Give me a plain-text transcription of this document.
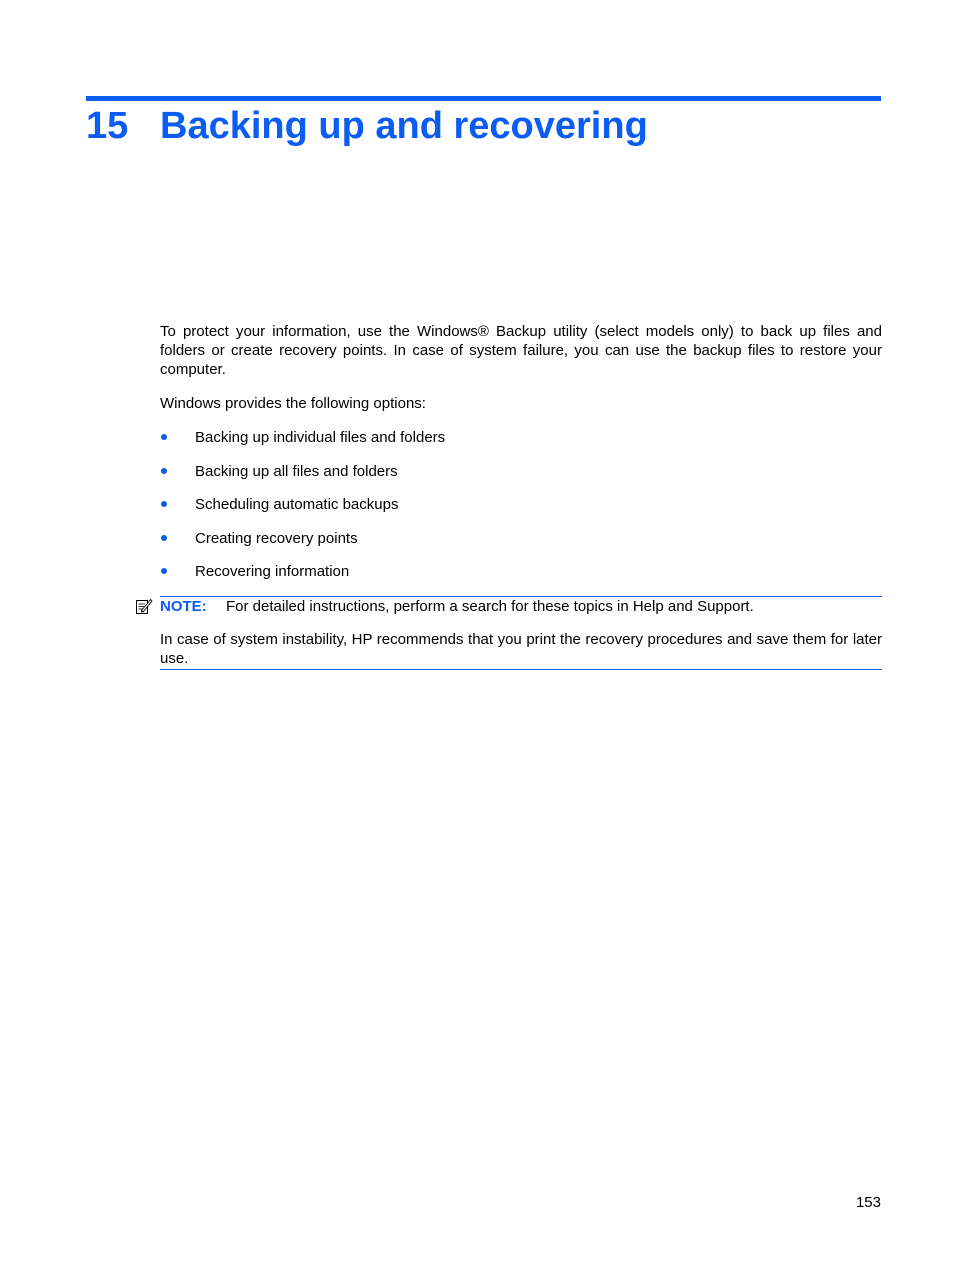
15 Backing up and recovering

To protect your information, use the Windows® Backup utility (select models only) to back up files and folders or create recovery points. In case of system failure, you can use the backup files to restore your computer.

Windows provides the following options:

Backing up individual files and folders
Backing up all files and folders
Scheduling automatic backups
Creating recovery points
Recovering information
NOTE: For detailed instructions, perform a search for these topics in Help and Support.

In case of system instability, HP recommends that you print the recovery procedures and save them for later use.

153
